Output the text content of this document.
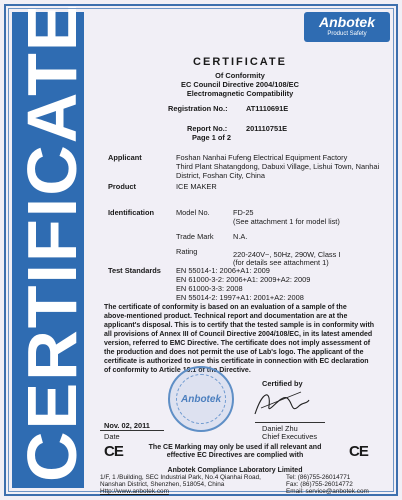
CERTIFICATE	Anbotek
Product Safety
CERTIFICATE
Of Conformity
EC Council Directive 2004/108/EC
Electromagnetic Compatibility
Registration No.: AT1110691E
Report No.:	201110751E
Page 1 of 2
Applicant	Foshan Nanhai Fufeng Electrical Equipment Factory
Third Plant Shatangdong, Dabuxi Village, Lishui Town, Nanhai
District, Foshan City, China
Product	ICE MAKER
Identification	Model No.	FD-25
(See attachment 1 for model list)
Trade Mark	N.A.
Rating	220-240V~, 50Hz, 290W, Class I
(for details see attachment 1)
Test Standards EN 55014-1: 2006+A1: 2009
EN 61000-3-2: 2006+A1: 2009+A2: 2009
EN 61000-3-3: 2008
EN 55014-2: 1997+A1: 2001+A2: 2008
The certificate of conformity is based on an evaluation of a sample of the
above-mentioned product. Technical report and documentation are at the
applicant's disposal. This is to certify that the tested sample is in conformity with
all provisions of Annex III of Council Directive 2004/108/EC, in its latest amended
version, referred to EMC Directive. The certificate does not imply assessment of
the production and does not permit the use of Lab's logo. The applicant of the
certificate is authorized to use this certificate in connection with EC declaration
of conformity to Article 10.1 of the Directive.
Anbotek
Certified by
Daniel Zhu
Chief Executives
Nov. 02, 2011
Date
CE	CE
The CE Marking may only be used if all relevant and
effective EC Directives are complied with
Anbotek Compliance Laboratory Limited
1/F, 1 /Building, SEC Industrial Park, No.4 Qianhai Road,
Nanshan District, Shenzhen, 518054, China
Http://www.anbotek.com
Tel: (86)755-26014771
Fax: (86)755-26014772
Email: service@anbotek.com
